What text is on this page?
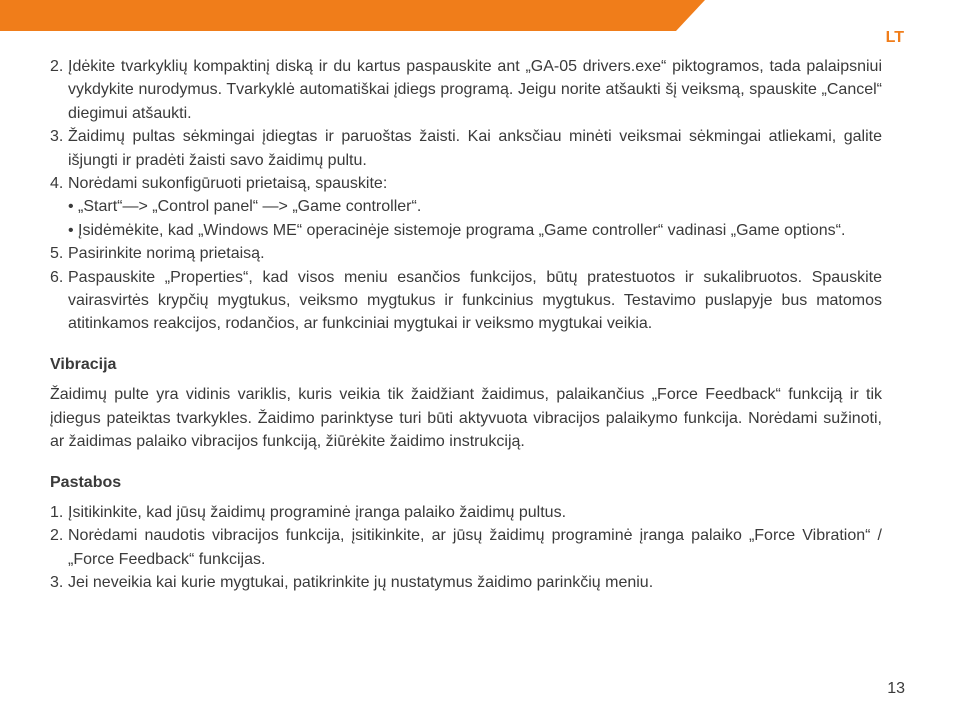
LT
2. Įdėkite tvarkyklių kompaktinį diską ir du kartus paspauskite ant „GA-05 drivers.exe“ piktogramos, tada palaipsniui vykdykite nurodymus. Tvarkyklė automatiškai įdiegs programą. Jeigu norite atšaukti šį veiksmą, spauskite „Cancel“ diegimui atšaukti.
3. Žaidimų pultas sėkmingai įdiegtas ir paruoštas žaisti. Kai anksčiau minėti veiksmai sėkmingai atliekami, galite išjungti ir pradėti žaisti savo žaidimų pultu.
4. Norėdami sukonfigūruoti prietaisą, spauskite:
• „Start“—> „Control panel“ —> „Game controller“.
• Įsidėmėkite, kad „Windows ME“ operacinėje sistemoje programa „Game controller“ vadinasi „Game options“.
5. Pasirinkite norimą prietaisą.
6. Paspauskite „Properties“, kad visos meniu esančios funkcijos, būtų pratestuotos ir sukalibruotos. Spauskite vairasvirtės krypčių mygtukus, veiksmo mygtukus ir funkcinius mygtukus. Testavimo puslapyje bus matomos atitinkamos reakcijos, rodančios, ar funkciniai mygtukai ir veiksmo mygtukai veikia.
Vibracija

Žaidimų pulte yra vidinis variklis, kuris veikia tik žaidžiant žaidimus, palaikančius „Force Feedback“ funkciją ir tik įdiegus pateiktas tvarkykles. Žaidimo parinktyse turi būti aktyvuota vibracijos palaikymo funkcija. Norėdami sužinoti, ar žaidimas palaiko vibracijos funkciją, žiūrėkite žaidimo instrukciją.

Pastabos
1. Įsitikinkite, kad jūsų žaidimų programinė įranga palaiko žaidimų pultus.
2. Norėdami naudotis vibracijos funkcija, įsitikinkite, ar jūsų žaidimų programinė įranga palaiko „Force Vibration“ / „Force Feedback“ funkcijas.
3. Jei neveikia kai kurie mygtukai, patikrinkite jų nustatymus žaidimo parinkčių meniu.
13
